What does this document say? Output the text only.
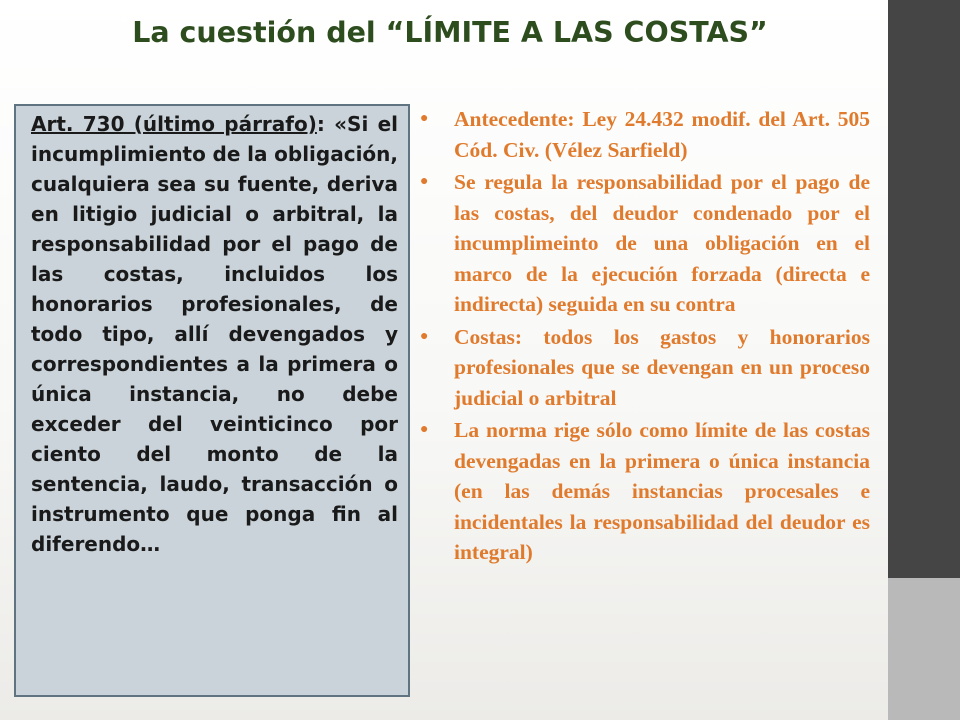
La cuestión del “LÍMITE A LAS COSTAS”

Art. 730 (último párrafo): «Si el incumplimiento de la obligación, cualquiera sea su fuente, deriva en litigio judicial o arbitral, la responsabilidad por el pago de las costas, incluidos los honorarios profesionales, de todo tipo, allí devengados y correspondientes a la primera o única instancia, no debe exceder del veinticinco por ciento del monto de la sentencia, laudo, transacción o instrumento que ponga fin al diferendo…

● Antecedente: Ley 24.432 modif. del Art. 505 Cód. Civ. (Vélez Sarfield)
● Se regula la responsabilidad por el pago de las costas, del deudor condenado por el incumplimeinto de una obligación en el marco de la ejecución forzada (directa e indirecta) seguida en su contra
● Costas: todos los gastos y honorarios profesionales que se devengan en un proceso judicial o arbitral
● La norma rige sólo como límite de las costas devengadas en la primera o única instancia (en las demás instancias procesales e incidentales la responsabilidad del deudor es integral)
